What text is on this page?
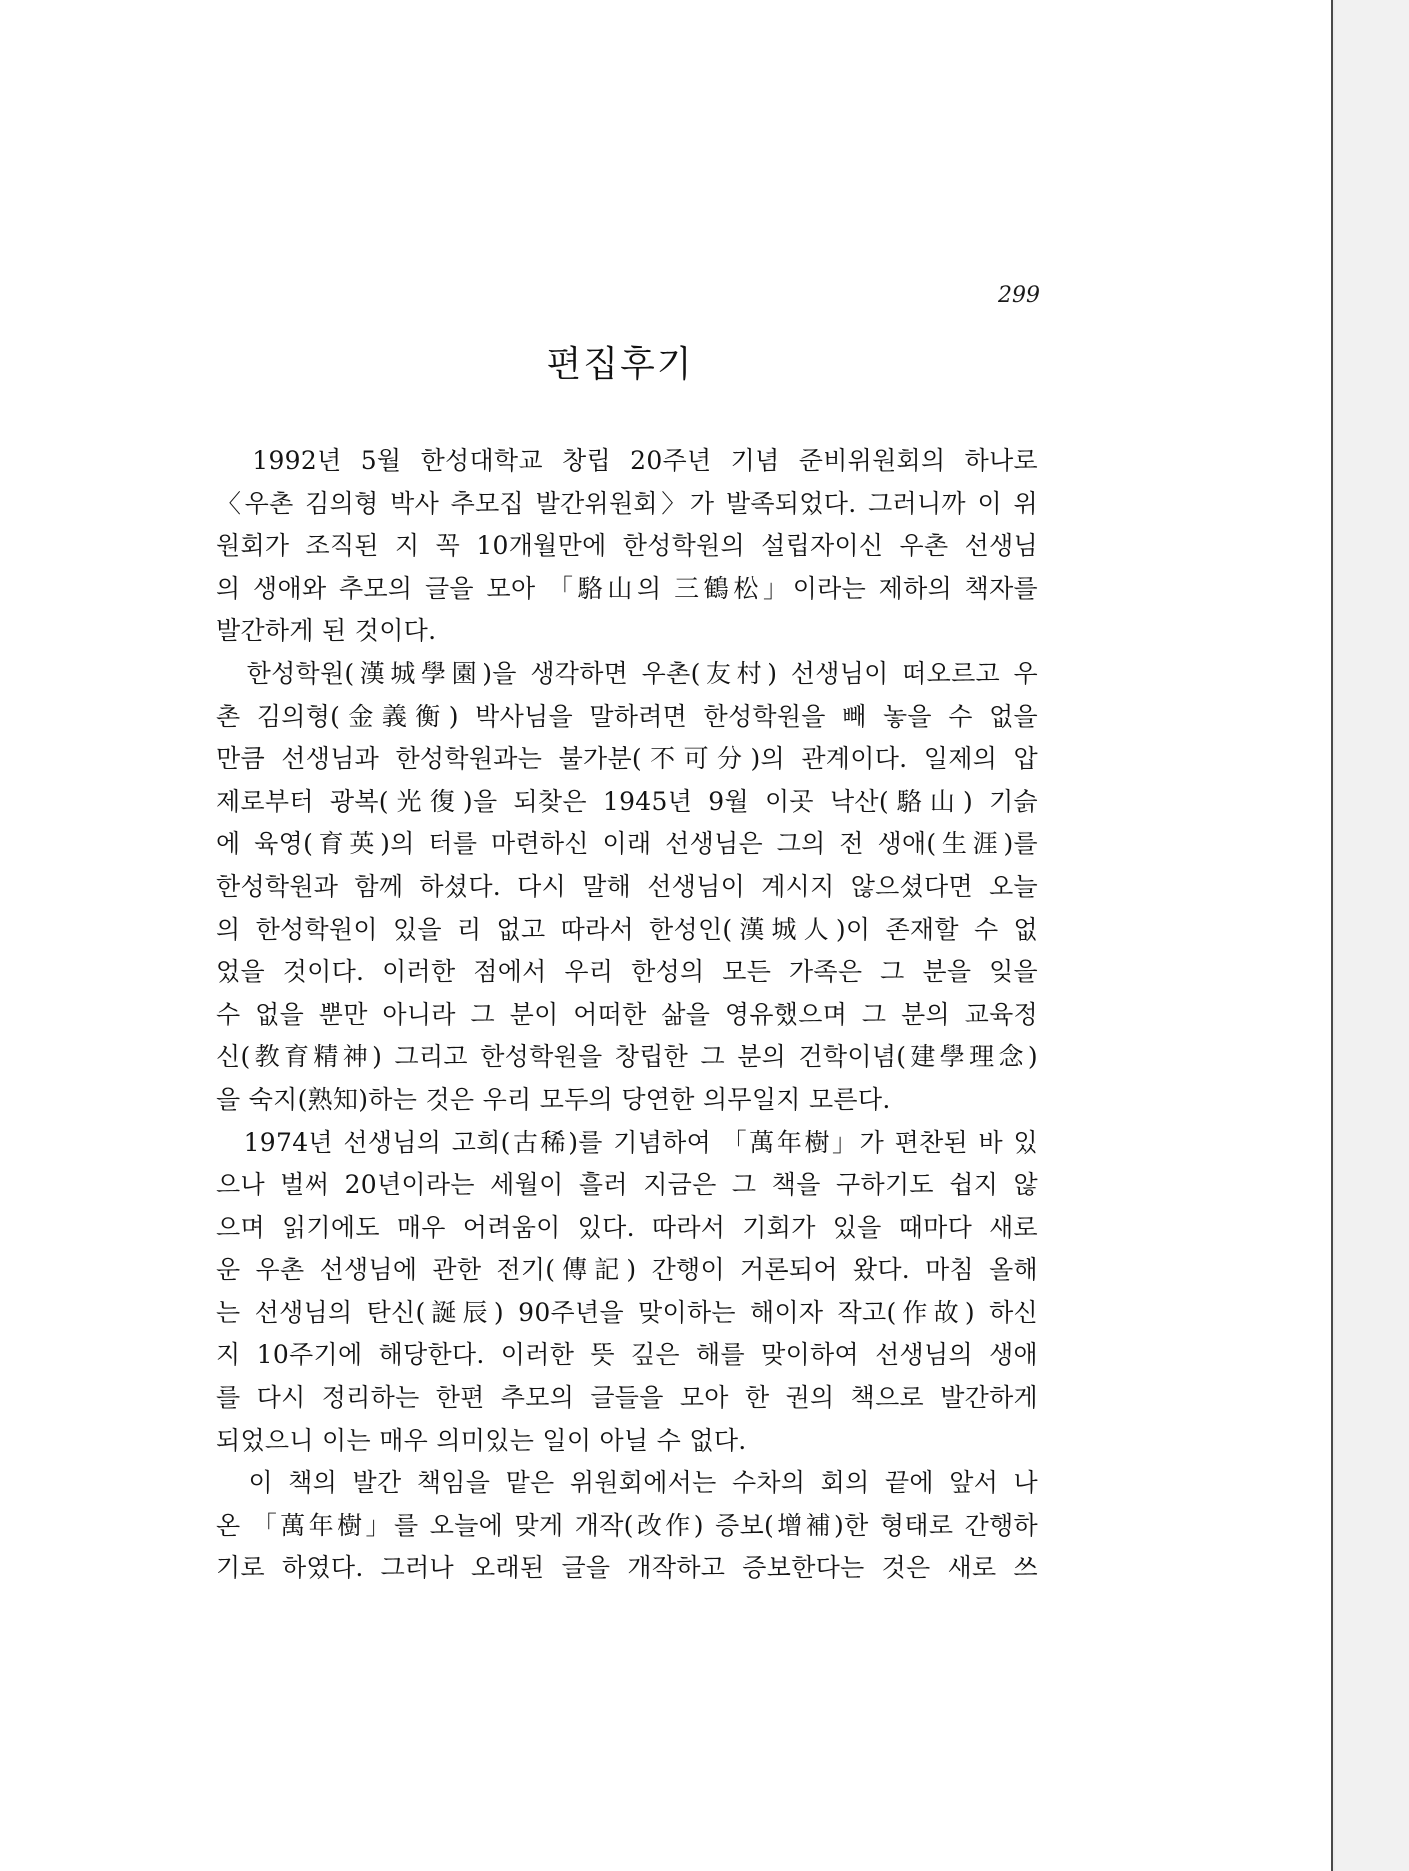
299

편집후기
　1992년 5월 한성대학교 창립 20주년 기념 준비위원회의 하나로
〈우촌 김의형 박사 추모집 발간위원회〉가 발족되었다. 그러니까 이 위
원회가 조직된 지 꼭 10개월만에 한성학원의 설립자이신 우촌 선생님
의 생애와 추모의 글을 모아 「駱山의 三鶴松」이라는 제하의 책자를
발간하게 된 것이다.
　한성학원(漢城學園)을 생각하면 우촌(友村) 선생님이 떠오르고 우
촌 김의형(金義衡) 박사님을 말하려면 한성학원을 빼 놓을 수 없을
만큼 선생님과 한성학원과는 불가분(不可分)의 관계이다. 일제의 압
제로부터 광복(光復)을 되찾은 1945년 9월 이곳 낙산(駱山) 기슭
에 육영(育英)의 터를 마련하신 이래 선생님은 그의 전 생애(生涯)를
한성학원과 함께 하셨다. 다시 말해 선생님이 계시지 않으셨다면 오늘
의 한성학원이 있을 리 없고 따라서 한성인(漢城人)이 존재할 수 없
었을 것이다. 이러한 점에서 우리 한성의 모든 가족은 그 분을 잊을
수 없을 뿐만 아니라 그 분이 어떠한 삶을 영유했으며 그 분의 교육정
신(教育精神) 그리고 한성학원을 창립한 그 분의 건학이념(建學理念)
을 숙지(熟知)하는 것은 우리 모두의 당연한 의무일지 모른다.
　1974년 선생님의 고희(古稀)를 기념하여 「萬年樹」가 편찬된 바 있
으나 벌써 20년이라는 세월이 흘러 지금은 그 책을 구하기도 쉽지 않
으며 읽기에도 매우 어려움이 있다. 따라서 기회가 있을 때마다 새로
운 우촌 선생님에 관한 전기(傳記) 간행이 거론되어 왔다. 마침 올해
는 선생님의 탄신(誕辰) 90주년을 맞이하는 해이자 작고(作故) 하신
지 10주기에 해당한다. 이러한 뜻 깊은 해를 맞이하여 선생님의 생애
를 다시 정리하는 한편 추모의 글들을 모아 한 권의 책으로 발간하게
되었으니 이는 매우 의미있는 일이 아닐 수 없다.
　이 책의 발간 책임을 맡은 위원회에서는 수차의 회의 끝에 앞서 나
온 「萬年樹」를 오늘에 맞게 개작(改作) 증보(增補)한 형태로 간행하
기로 하였다. 그러나 오래된 글을 개작하고 증보한다는 것은 새로 쓰
